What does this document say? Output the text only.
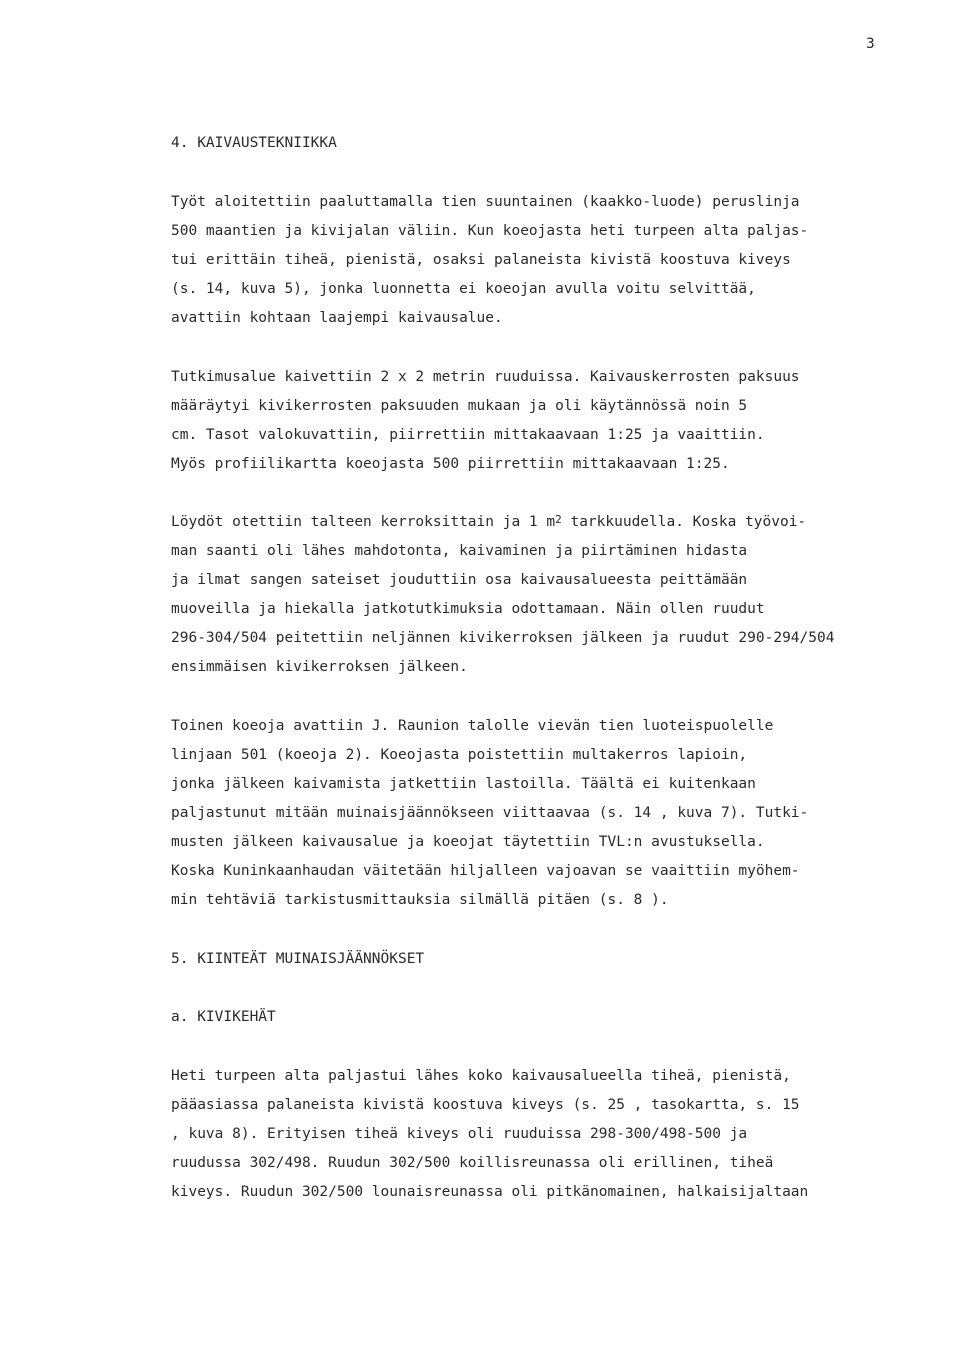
3
4. KAIVAUSTEKNIIKKA
Työt aloitettiin paaluttamalla tien suuntainen (kaakko-luode) peruslinja
500 maantien ja kivijalan väliin. Kun koeojasta heti turpeen alta paljas-
tui erittäin tiheä, pienistä, osaksi palaneista kivistä koostuva kiveys
(s. 14, kuva 5), jonka luonnetta ei koeojan avulla voitu selvittää,
avattiin kohtaan laajempi kaivausalue.
Tutkimusalue kaivettiin 2 x 2 metrin ruuduissa. Kaivauskerrosten paksuus
määräytyi kivikerrosten paksuuden mukaan ja oli käytännössä noin 5
cm. Tasot valokuvattiin, piirrettiin mittakaavaan 1:25 ja vaaittiin.
Myös profiilikartta koeojasta 500 piirrettiin mittakaavaan 1:25.
Löydöt otettiin talteen kerroksittain ja 1 $m^2$ tarkkuudella. Koska työvoi-
man saanti oli lähes mahdotonta, kaivaminen ja piirtäminen hidasta
ja ilmat sangen sateiset jouduttiin osa kaivausalueesta peittämään
muoveilla ja hiekalla jatkotutkimuksia odottamaan. Näin ollen ruudut
296-304/504 peitettiin neljännen kivikerroksen jälkeen ja ruudut 290-294/504
ensimmäisen kivikerroksen jälkeen.
Toinen koeoja avattiin J. Raunion talolle vievän tien luoteispuolelle
linjaan 501 (koeoja 2). Koeojasta poistettiin multakerros lapioin,
jonka jälkeen kaivamista jatkettiin lastoilla. Täältä ei kuitenkaan
paljastunut mitään muinaisjäännökseen viittaavaa (s. 14 , kuva 7). Tutki-
musten jälkeen kaivausalue ja koeojat täytettiin TVL:n avustuksella.
Koska Kuninkaanhaudan väitetään hiljalleen vajoavan se vaaittiin myöhem-
min tehtäviä tarkistusmittauksia silmällä pitäen (s. 8 ).
5. KIINTEÄT MUINAISJÄÄNNÖKSET
a. KIVIKEHÄT
Heti turpeen alta paljastui lähes koko kaivausalueella tiheä, pienistä,
pääasiassa palaneista kivistä koostuva kiveys (s. 25 , tasokartta, s. 15
, kuva 8). Erityisen tiheä kiveys oli ruuduissa 298-300/498-500 ja
ruudussa 302/498. Ruudun 302/500 koillisreunassa oli erillinen, tiheä
kiveys. Ruudun 302/500 lounaisreunassa oli pitkänomainen, halkaisijaltaan
